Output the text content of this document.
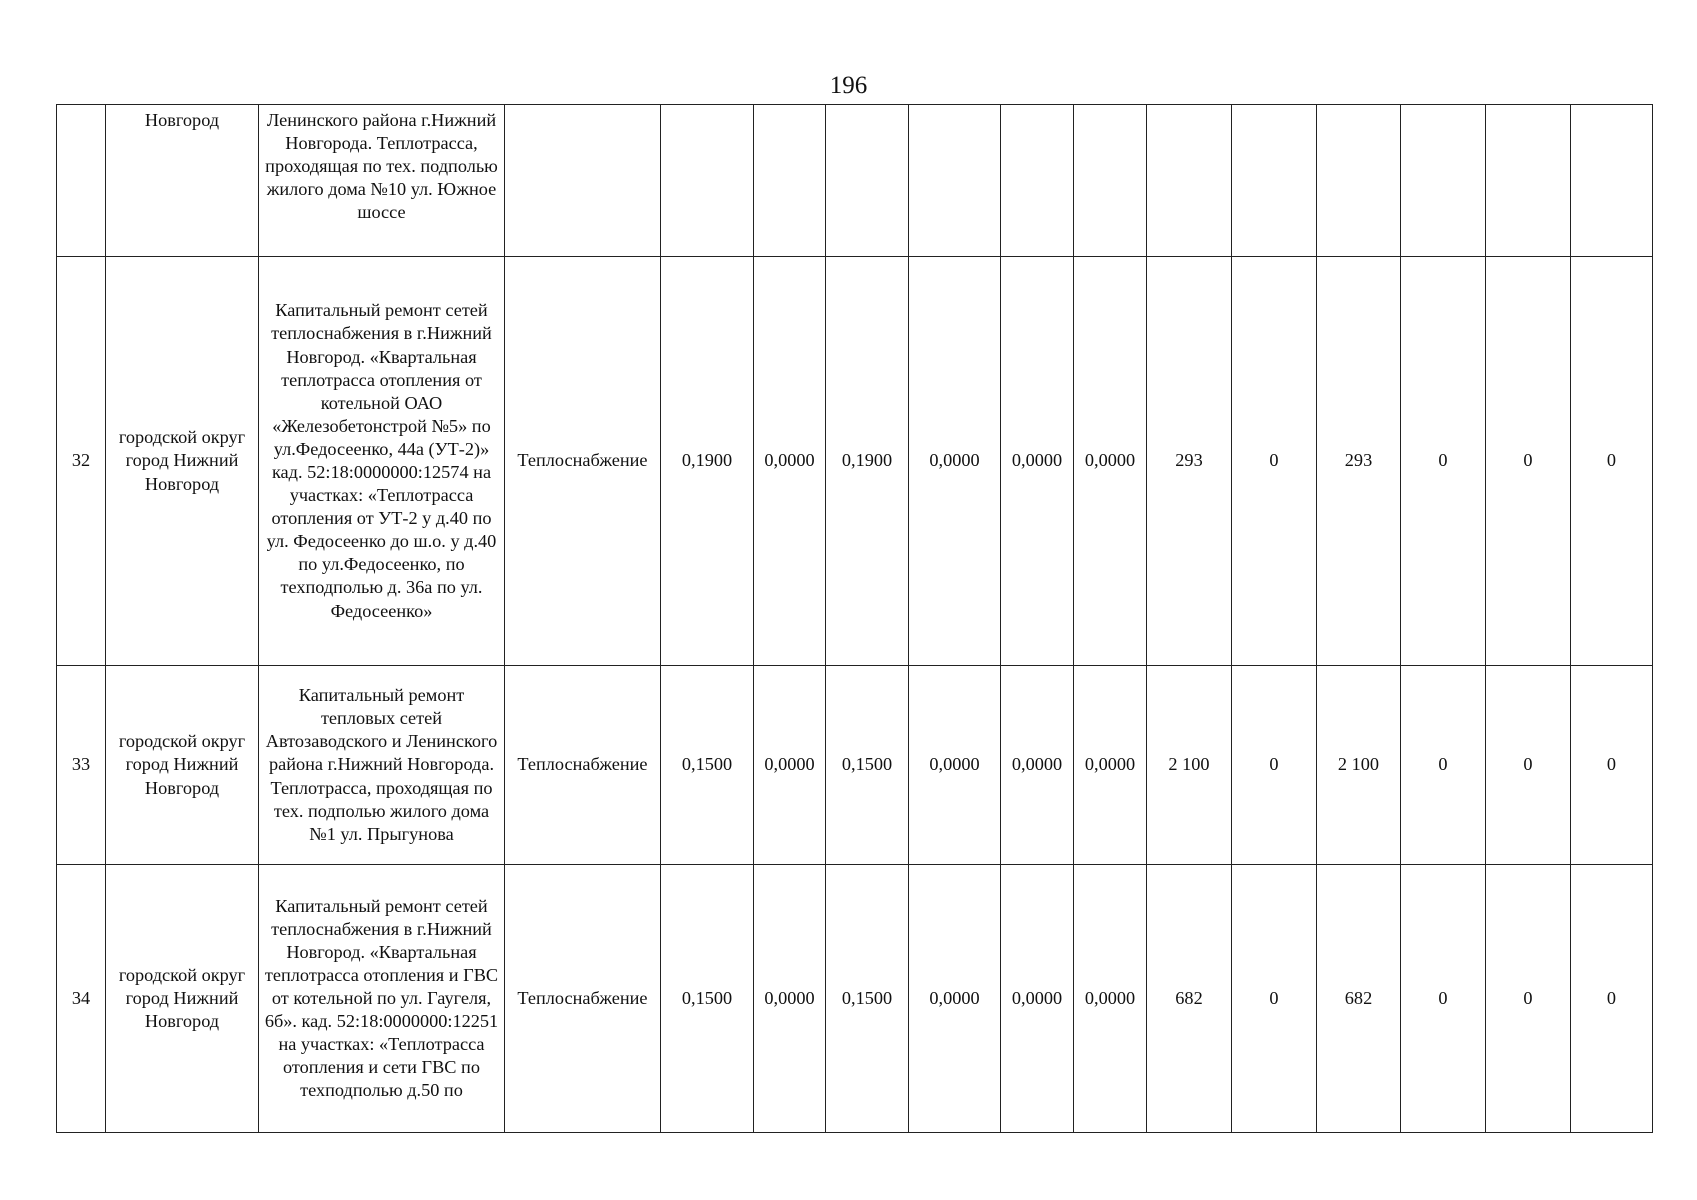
196
	Новгород	Ленинского района г.Нижний Новгорода. Теплотрасса, проходящая по тех. подполью жилого дома №10 ул. Южное шоссе													
32	городской округ город Нижний Новгород	Капитальный ремонт сетей теплоснабжения в г.Нижний Новгород. «Квартальная теплотрасса отопления от котельной ОАО «Железобетонстрой №5» по ул.Федосеенко, 44а (УТ-2)» кад. 52:18:0000000:12574 на участках: «Теплотрасса отопления от УТ-2 у д.40 по ул. Федосеенко до ш.о. у д.40 по ул.Федосеенко, по техподполью д. 36а по ул. Федосеенко»	Теплоснабжение	0,1900	0,0000	0,1900	0,0000	0,0000	0,0000	293	0	293	0	0	0
33	городской округ город Нижний Новгород	Капитальный ремонт тепловых сетей Автозаводского и Ленинского района г.Нижний Новгорода. Теплотрасса, проходящая по тех. подполью жилого дома №1 ул. Прыгунова	Теплоснабжение	0,1500	0,0000	0,1500	0,0000	0,0000	0,0000	2 100	0	2 100	0	0	0
34	городской округ город Нижний Новгород	Капитальный ремонт сетей теплоснабжения в г.Нижний Новгород. «Квартальная теплотрасса отопления и ГВС от котельной по ул. Гаугеля, 6б». кад. 52:18:0000000:12251 на участках: «Теплотрасса отопления и сети ГВС по техподполью д.50 по	Теплоснабжение	0,1500	0,0000	0,1500	0,0000	0,0000	0,0000	682	0	682	0	0	0
